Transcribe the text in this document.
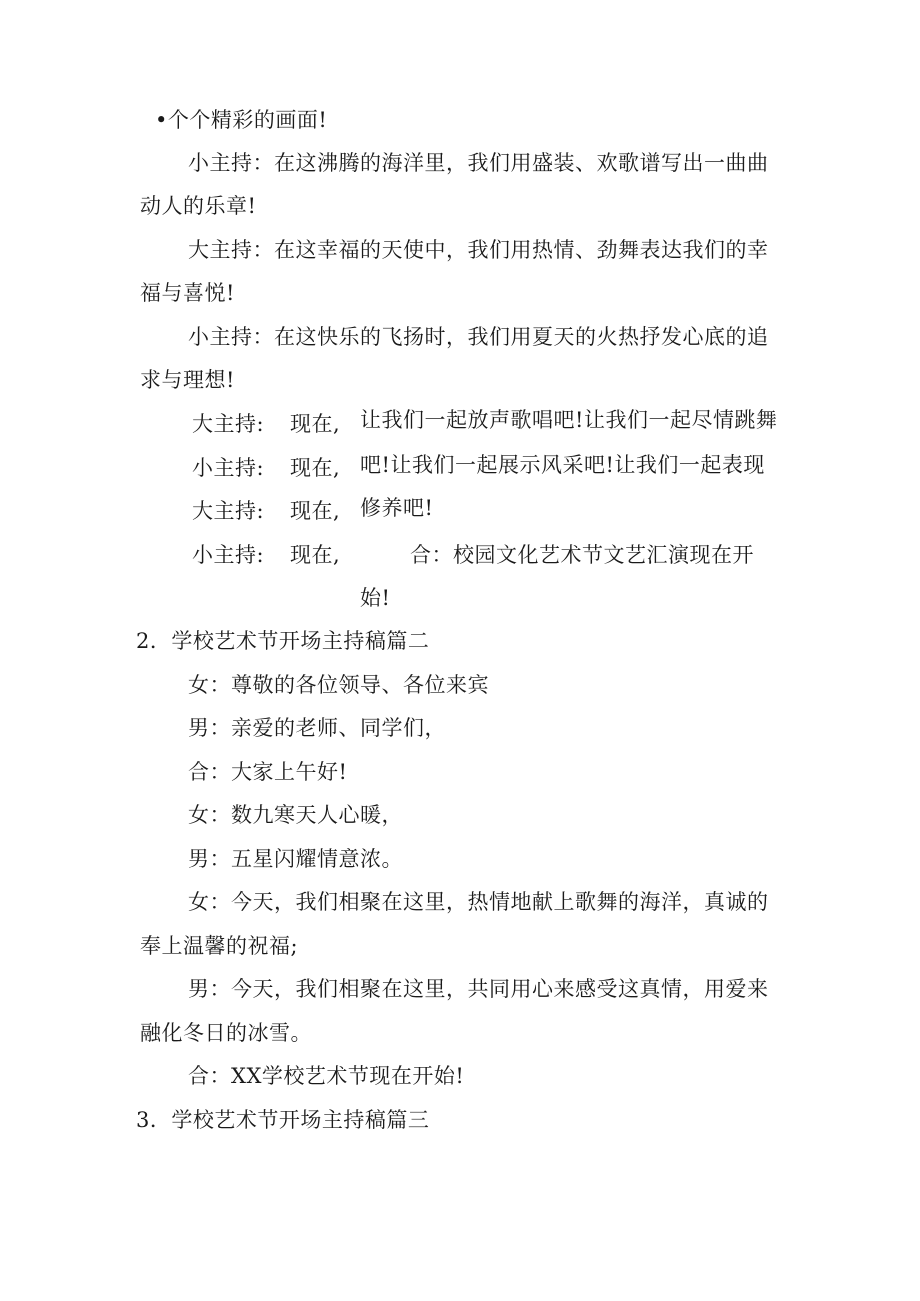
•个个精彩的画面!
小主持：在这沸腾的海洋里，我们用盛装、欢歌谱写出一曲曲
动人的乐章!
大主持：在这幸福的天使中，我们用热情、劲舞表达我们的幸
福与喜悦!
小主持：在这快乐的飞扬时，我们用夏天的火热抒发心底的追
求与理想!
大主持: 现在,
小主持: 现在,
大主持: 现在,
小主持: 现在,
让我们一起放声歌唱吧!让我们一起尽情跳舞
吧!让我们一起展示风采吧!让我们一起表现
修养吧!
合：校园文化艺术节文艺汇演现在开
始!
2．学校艺术节开场主持稿篇二
女：尊敬的各位领导、各位来宾
男：亲爱的老师、同学们，
合：大家上午好!
女：数九寒天人心暖，
男：五星闪耀情意浓。
女：今天，我们相聚在这里，热情地献上歌舞的海洋，真诚的
奉上温馨的祝福;
男：今天，我们相聚在这里，共同用心来感受这真情，用爱来
融化冬日的冰雪。
合：XX学校艺术节现在开始!
3．学校艺术节开场主持稿篇三
